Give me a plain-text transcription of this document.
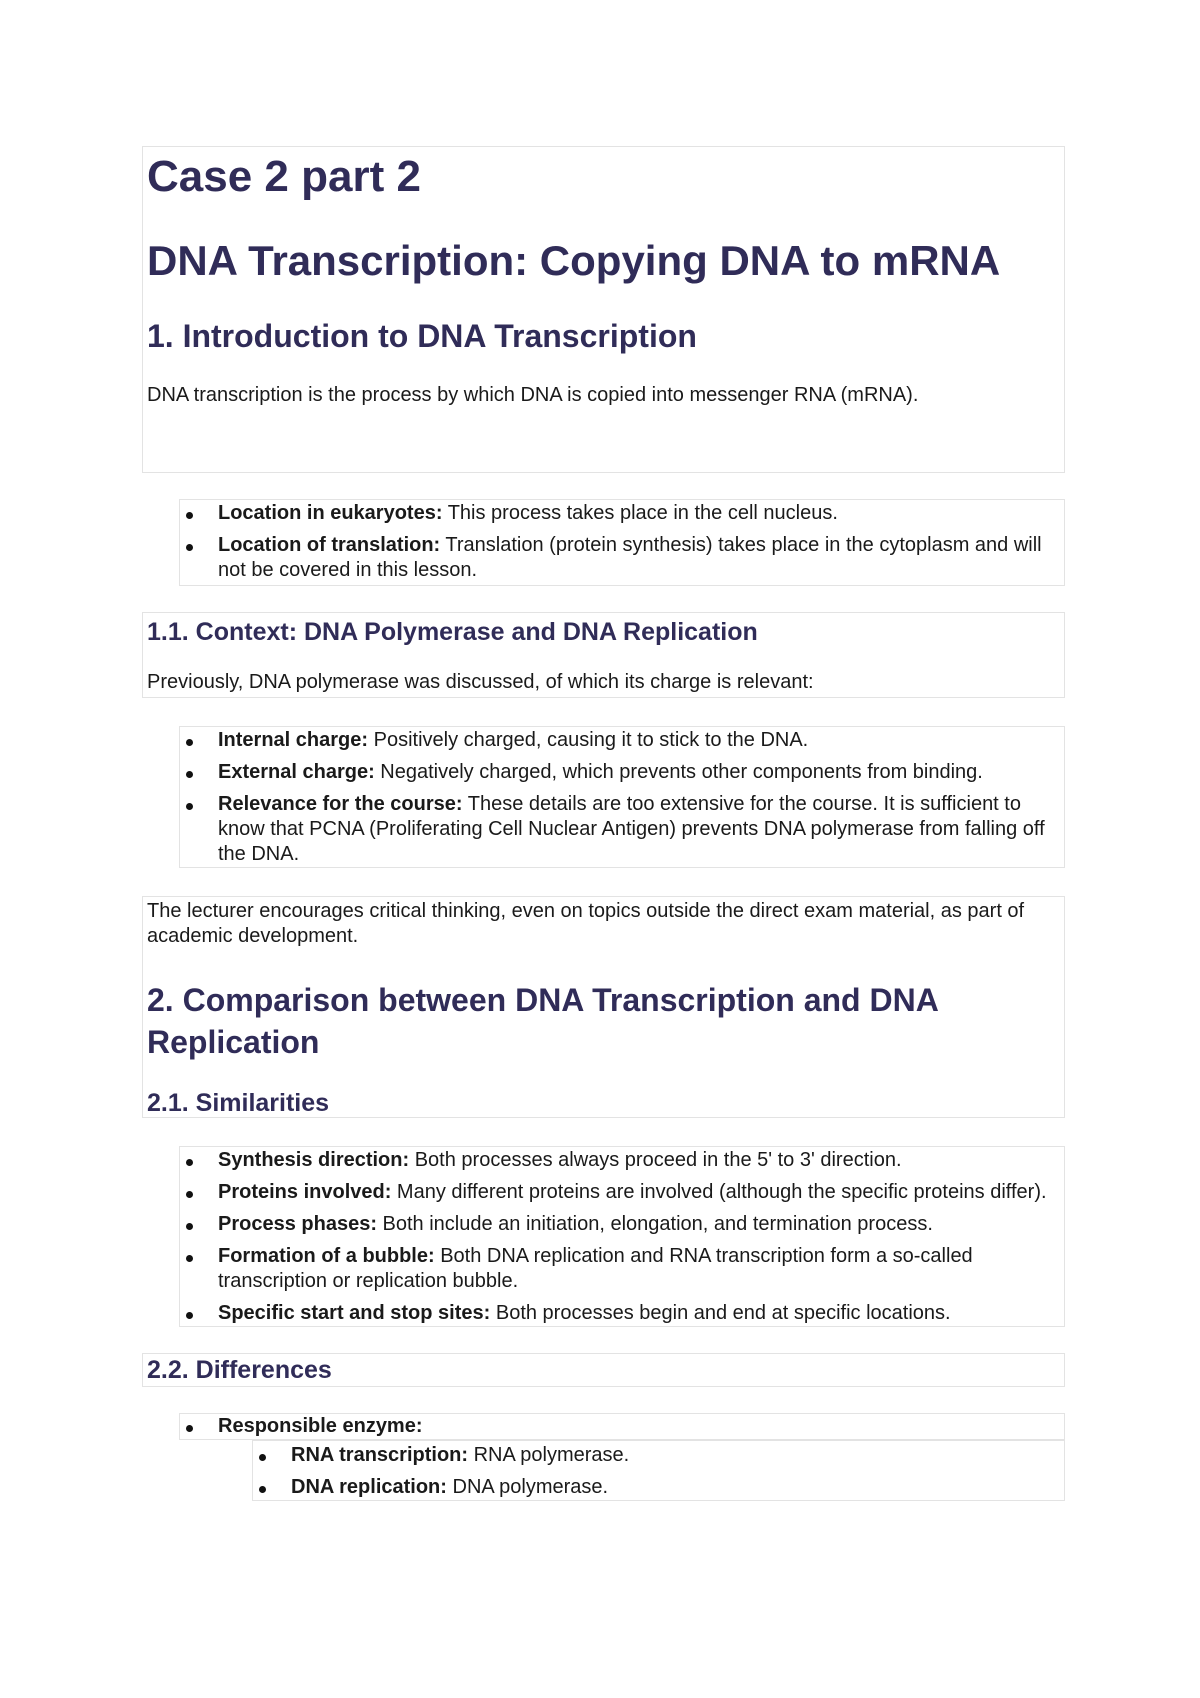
Case 2 part 2
DNA Transcription: Copying DNA to mRNA
1. Introduction to DNA Transcription

DNA transcription is the process by which DNA is copied into messenger RNA (mRNA).

Location in eukaryotes: This process takes place in the cell nucleus.
Location of translation: Translation (protein synthesis) takes place in the cytoplasm and will not be covered in this lesson.
1.1. Context: DNA Polymerase and DNA Replication

Previously, DNA polymerase was discussed, of which its charge is relevant:

Internal charge: Positively charged, causing it to stick to the DNA.
External charge: Negatively charged, which prevents other components from binding.
Relevance for the course: These details are too extensive for the course. It is sufficient to know that PCNA (Proliferating Cell Nuclear Antigen) prevents DNA polymerase from falling off the DNA.

The lecturer encourages critical thinking, even on topics outside the direct exam material, as part of academic development.

2. Comparison between DNA Transcription and DNA Replication
2.1. Similarities
Synthesis direction: Both processes always proceed in the 5' to 3' direction.
Proteins involved: Many different proteins are involved (although the specific proteins differ).
Process phases: Both include an initiation, elongation, and termination process.
Formation of a bubble: Both DNA replication and RNA transcription form a so-called transcription or replication bubble.
Specific start and stop sites: Both processes begin and end at specific locations.
2.2. Differences
Responsible enzyme:
RNA transcription: RNA polymerase.
DNA replication: DNA polymerase.
